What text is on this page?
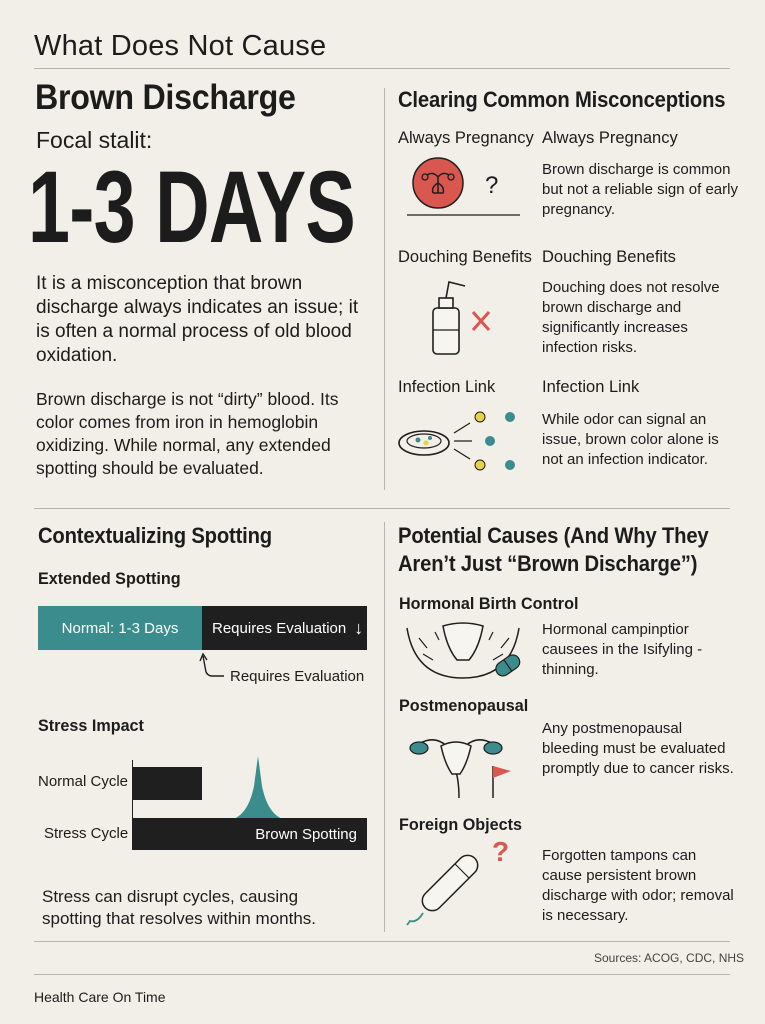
What Does Not Cause
Brown Discharge
Focal stalit:
1-3 DAYS
It is a misconception that brown discharge always indicates an issue; it is often a normal process of old blood oxidation.
Brown discharge is not “dirty” blood. Its color comes from iron in hemoglobin oxidizing. While normal, any extended spotting should be evaluated.
Clearing Common Misconceptions
Always Pregnancy Always Pregnancy
Brown discharge is common but not a reliable sign of early pregnancy.
?
Douching Benefits Douching Benefits
Douching does not resolve brown discharge and significantly increases infection risks.
Infection Link	Infection Link
While odor can signal an issue, brown color alone is not an infection indicator.
Contextualizing Spotting
Extended Spotting
Normal: 1-3 Days Requires Evaluation ↓
Requires Evaluation
Stress Impact
Normal Cycle
Stress Cycle	Brown Spotting
Stress can disrupt cycles, causing spotting that resolves within months.
Potential Causes (And Why They
Aren’t Just “Brown Discharge”)
Hormonal Birth Control
Hormonal campinptior causees in the Isifyling - thinning.
Postmenopausal
Any postmenopausal bleeding must be evaluated promptly due to cancer risks.
Foreign Objects
Forgotten tampons can cause persistent brown discharge with odor; removal is necessary.
?
Sources: ACOG, CDC, NHS
Health Care On Time
